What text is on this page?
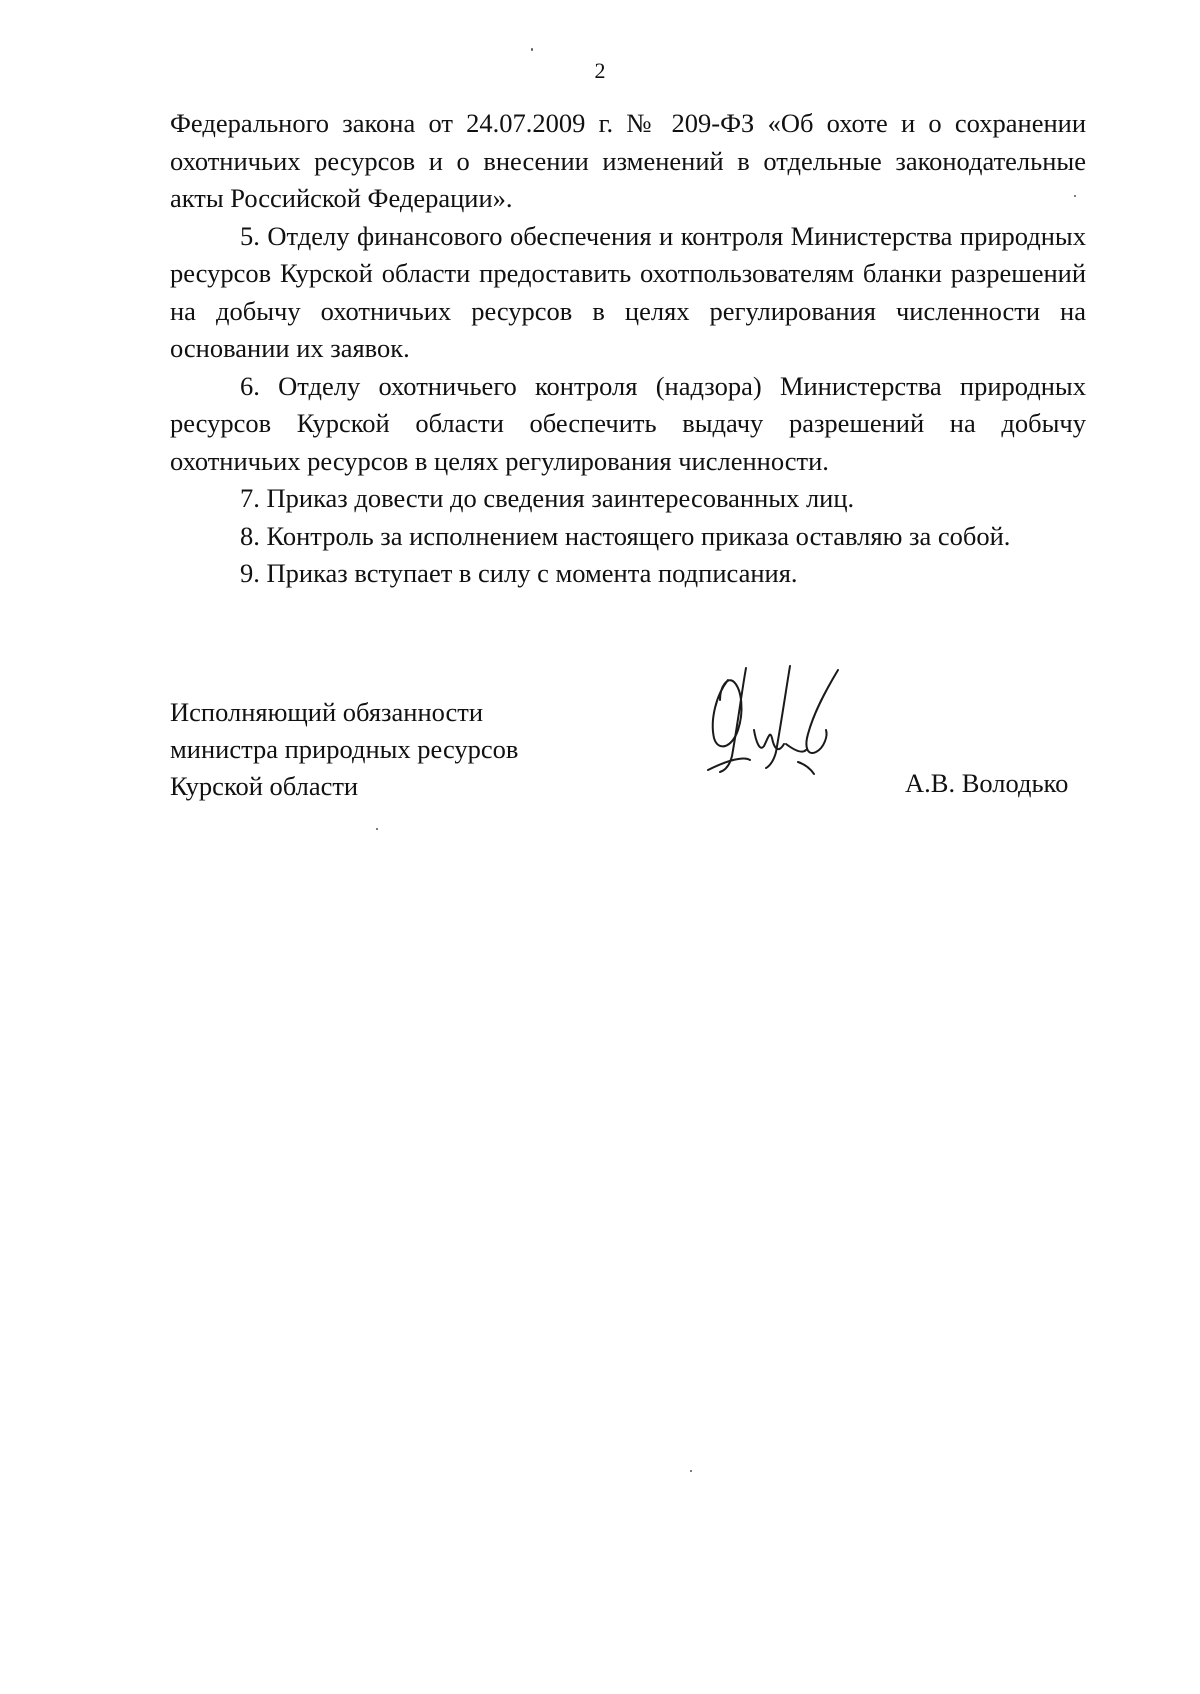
2

Федерального закона от 24.07.2009 г. № 209-ФЗ «Об охоте и о сохранении охотничьих ресурсов и о внесении изменений в отдельные законодательные акты Российской Федерации».

5. Отделу финансового обеспечения и контроля Министерства природных ресурсов Курской области предоставить охотпользователям бланки разрешений на добычу охотничьих ресурсов в целях регулирования численности на основании их заявок.

6. Отделу охотничьего контроля (надзора) Министерства природных ресурсов Курской области обеспечить выдачу разрешений на добычу охотничьих ресурсов в целях регулирования численности.

7. Приказ довести до сведения заинтересованных лиц.

8. Контроль за исполнением настоящего приказа оставляю за собой.

9. Приказ вступает в силу с момента подписания.

Исполняющий обязанности
министра природных ресурсов
Курской области	А.В. Володько
